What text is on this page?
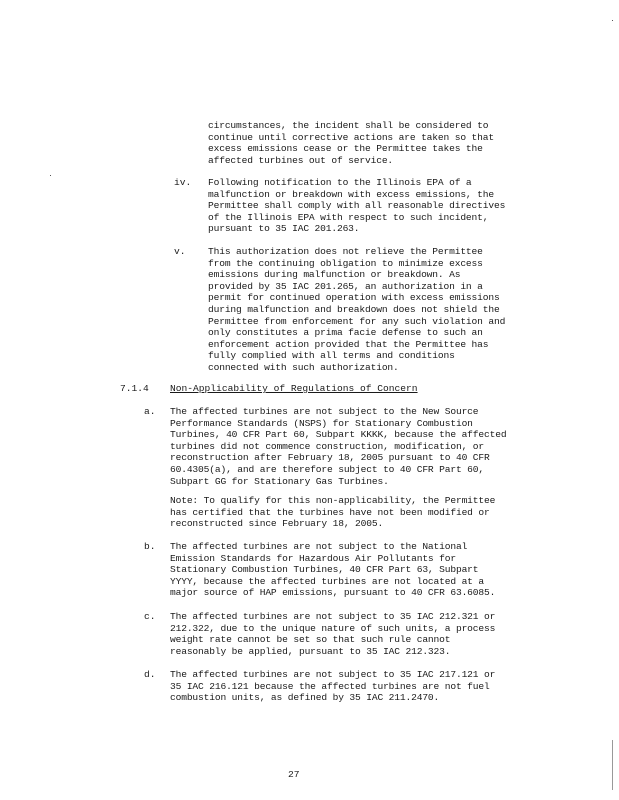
circumstances, the incident shall be considered to continue until corrective actions are taken so that excess emissions cease or the Permittee takes the affected turbines out of service.

iv. Following notification to the Illinois EPA of a malfunction or breakdown with excess emissions, the Permittee shall comply with all reasonable directives of the Illinois EPA with respect to such incident, pursuant to 35 IAC 201.263.

v. This authorization does not relieve the Permittee from the continuing obligation to minimize excess emissions during malfunction or breakdown. As provided by 35 IAC 201.265, an authorization in a permit for continued operation with excess emissions during malfunction and breakdown does not shield the Permittee from enforcement for any such violation and only constitutes a prima facie defense to such an enforcement action provided that the Permittee has fully complied with all terms and conditions connected with such authorization.

7.1.4 Non-Applicability of Regulations of Concern

a. The affected turbines are not subject to the New Source Performance Standards (NSPS) for Stationary Combustion Turbines, 40 CFR Part 60, Subpart KKKK, because the affected turbines did not commence construction, modification, or reconstruction after February 18, 2005 pursuant to 40 CFR 60.4305(a), and are therefore subject to 40 CFR Part 60, Subpart GG for Stationary Gas Turbines.

Note: To qualify for this non-applicability, the Permittee has certified that the turbines have not been modified or reconstructed since February 18, 2005.

b. The affected turbines are not subject to the National Emission Standards for Hazardous Air Pollutants for Stationary Combustion Turbines, 40 CFR Part 63, Subpart YYYY, because the affected turbines are not located at a major source of HAP emissions, pursuant to 40 CFR 63.6085.

c. The affected turbines are not subject to 35 IAC 212.321 or 212.322, due to the unique nature of such units, a process weight rate cannot be set so that such rule cannot reasonably be applied, pursuant to 35 IAC 212.323.

d. The affected turbines are not subject to 35 IAC 217.121 or 35 IAC 216.121 because the affected turbines are not fuel combustion units, as defined by 35 IAC 211.2470.

27
